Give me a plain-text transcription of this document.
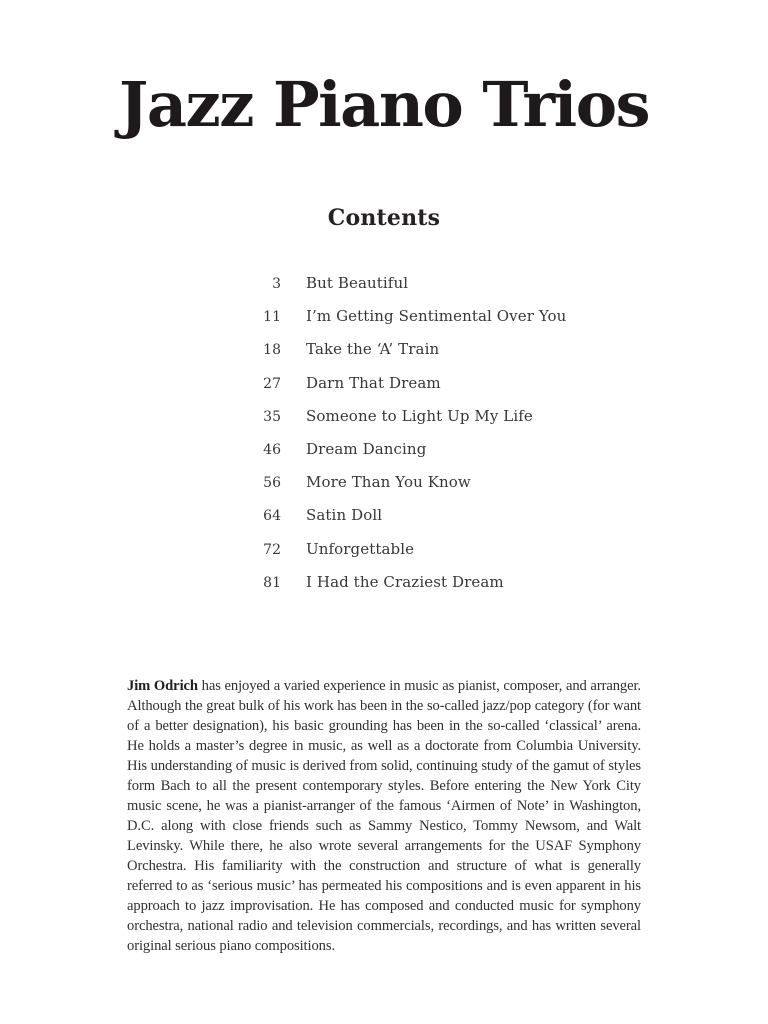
Jazz Piano Trios
Contents
3 But Beautiful
11 I’m Getting Sentimental Over You
18 Take the ‘A’ Train
27 Darn That Dream
35 Someone to Light Up My Life
46 Dream Dancing
56 More Than You Know
64 Satin Doll
72 Unforgettable
81 I Had the Craziest Dream

Jim Odrich has enjoyed a varied experience in music as pianist, composer, and arranger. Although the great bulk of his work has been in the so-called jazz/pop category (for want of a better designation), his basic grounding has been in the so-called ‘classical’ arena. He holds a master’s degree in music, as well as a doctorate from Columbia University. His understanding of music is derived from solid, continuing study of the gamut of styles form Bach to all the present contemporary styles. Before entering the New York City music scene, he was a pianist-arranger of the famous ‘Airmen of Note’ in Washington, D.C. along with close friends such as Sammy Nestico, Tommy Newsom, and Walt Levinsky. While there, he also wrote several arrangements for the USAF Symphony Orchestra. His familiarity with the construction and structure of what is generally referred to as ‘serious music’ has permeated his compositions and is even apparent in his approach to jazz improvisation. He has composed and conducted music for symphony orchestra, national radio and television commercials, recordings, and has written several original serious piano compositions.
